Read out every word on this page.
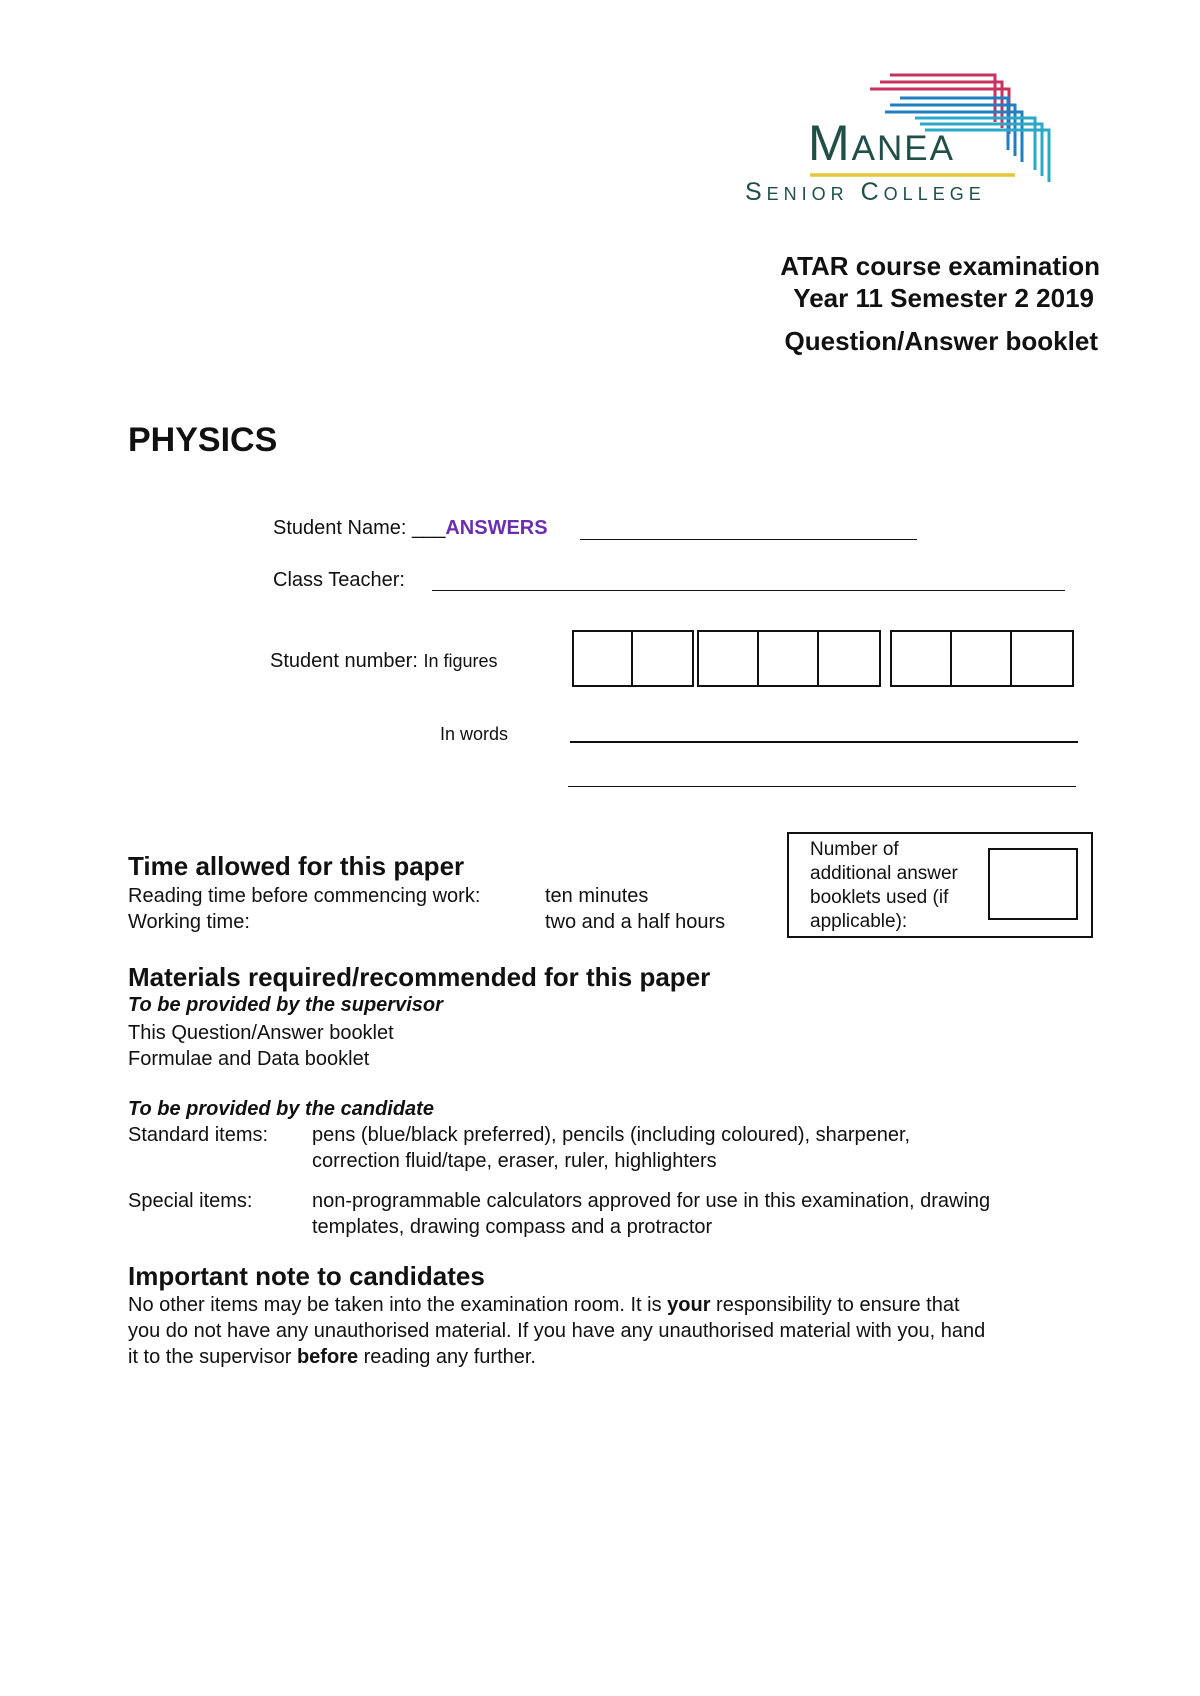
Manea
Senior College
ATAR course examination
Year 11 Semester 2 2019
Question/Answer booklet
PHYSICS
Student Name: ___ANSWERS
Class Teacher:
Student number: In figures
In words
Time allowed for this paper
Reading time before commencing work:	ten minutes
Working time:	two and a half hours
Number of additional answer booklets used (if applicable):
Materials required/recommended for this paper
To be provided by the supervisor
This Question/Answer booklet
Formulae and Data booklet
To be provided by the candidate
Standard items: pens (blue/black preferred), pencils (including coloured), sharpener,
correction fluid/tape, eraser, ruler, highlighters
Special items:	non-programmable calculators approved for use in this examination, drawing
templates, drawing compass and a protractor
Important note to candidates
No other items may be taken into the examination room. It is your responsibility to ensure that
you do not have any unauthorised material. If you have any unauthorised material with you, hand
it to the supervisor before reading any further.
